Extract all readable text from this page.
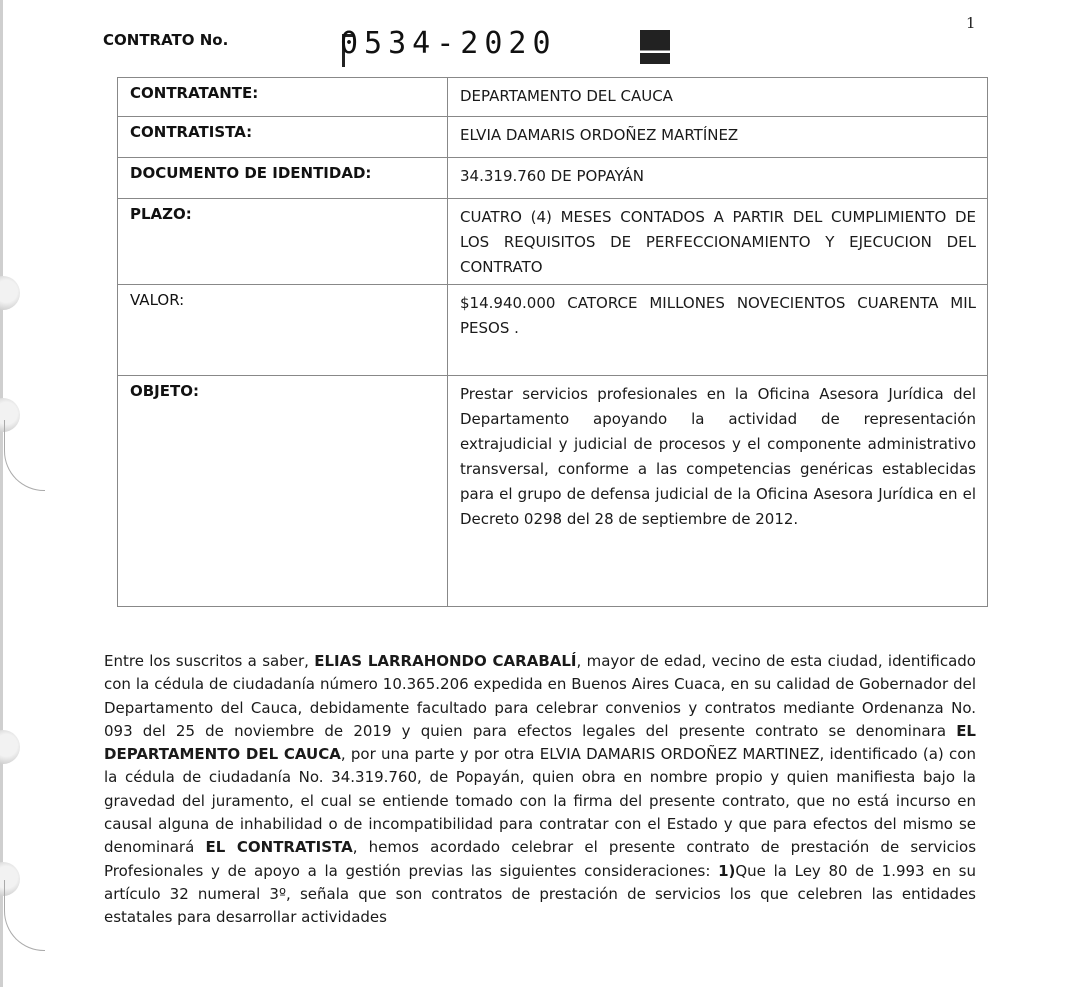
1
CONTRATO No.	0534-2020
CONTRATANTE:	DEPARTAMENTO DEL CAUCA
CONTRATISTA:	ELVIA DAMARIS ORDOÑEZ MARTÍNEZ
DOCUMENTO DE IDENTIDAD:	34.319.760 DE POPAYÁN
PLAZO:	CUATRO (4) MESES CONTADOS A PARTIR DEL CUMPLIMIENTO DE LOS REQUISITOS DE PERFECCIONAMIENTO Y EJECUCION DEL CONTRATO
VALOR:	$14.940.000 CATORCE MILLONES NOVECIENTOS CUARENTA MIL PESOS .
OBJETO:	Prestar servicios profesionales en la Oficina Asesora Jurídica del Departamento apoyando la actividad de representación extrajudicial y judicial de procesos y el componente administrativo transversal, conforme a las competencias genéricas establecidas para el grupo de defensa judicial de la Oficina Asesora Jurídica en el Decreto 0298 del 28 de septiembre de 2012.
Entre los suscritos a saber, ELIAS LARRAHONDO CARABALÍ, mayor de edad, vecino de esta ciudad, identificado con la cédula de ciudadanía número 10.365.206 expedida en Buenos Aires Cuaca, en su calidad de Gobernador del Departamento del Cauca, debidamente facultado para celebrar convenios y contratos mediante Ordenanza No. 093 del 25 de noviembre de 2019 y quien para efectos legales del presente contrato se denominara EL DEPARTAMENTO DEL CAUCA, por una parte y por otra ELVIA DAMARIS ORDOÑEZ MARTINEZ, identificado (a) con la cédula de ciudadanía No. 34.319.760, de Popayán, quien obra en nombre propio y quien manifiesta bajo la gravedad del juramento, el cual se entiende tomado con la firma del presente contrato, que no está incurso en causal alguna de inhabilidad o de incompatibilidad para contratar con el Estado y que para efectos del mismo se denominará EL CONTRATISTA, hemos acordado celebrar el presente contrato de prestación de servicios Profesionales y de apoyo a la gestión previas las siguientes consideraciones: 1)Que la Ley 80 de 1.993 en su artículo 32 numeral 3º, señala que son contratos de prestación de servicios los que celebren las entidades estatales para desarrollar actividades
